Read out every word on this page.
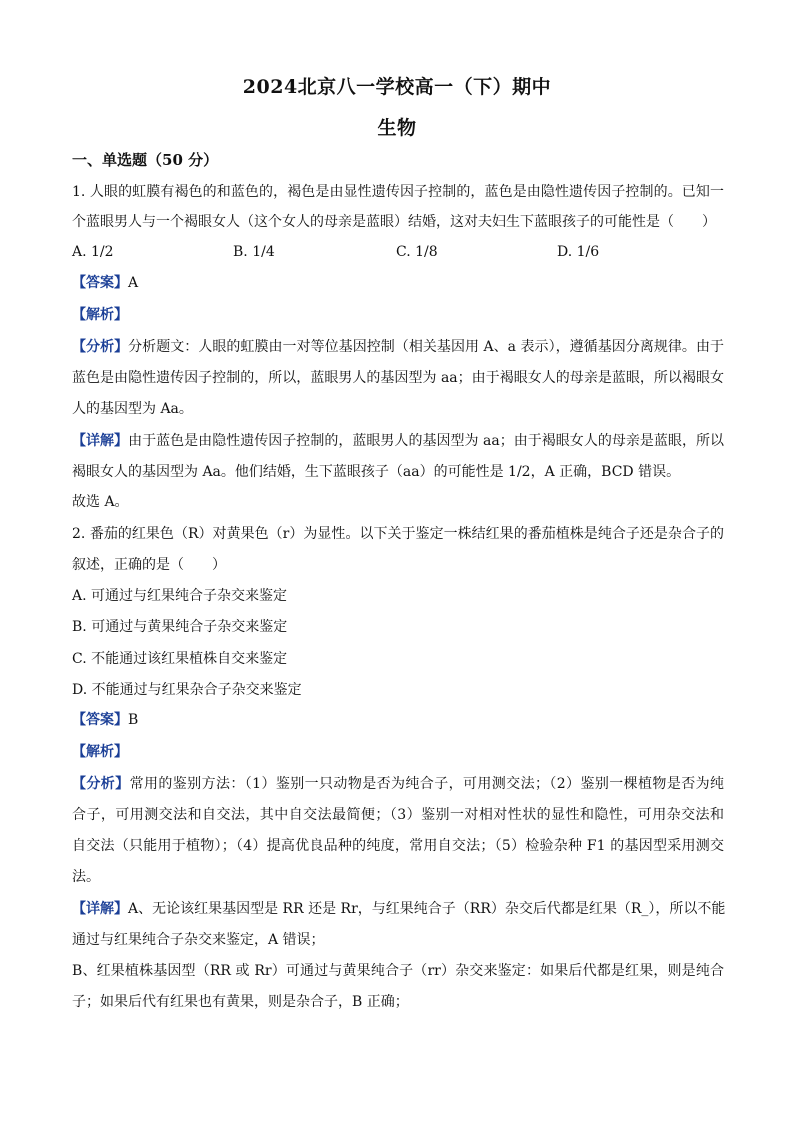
2024北京八一学校高一（下）期中
生物
一、单选题（50 分）
1. 人眼的虹膜有褐色的和蓝色的，褐色是由显性遗传因子控制的，蓝色是由隐性遗传因子控制的。已知一
个蓝眼男人与一个褐眼女人（这个女人的母亲是蓝眼）结婚，这对夫妇生下蓝眼孩子的可能性是（　　）
A. 1/2	B. 1/4	C. 1/8	D. 1/6
【答案】A
【解析】
【分析】分析题文：人眼的虹膜由一对等位基因控制（相关基因用 A、a 表示），遵循基因分离规律。由于
蓝色是由隐性遗传因子控制的，所以，蓝眼男人的基因型为 aa；由于褐眼女人的母亲是蓝眼，所以褐眼女
人的基因型为 Aa。
【详解】由于蓝色是由隐性遗传因子控制的，蓝眼男人的基因型为 aa；由于褐眼女人的母亲是蓝眼，所以
褐眼女人的基因型为 Aa。他们结婚，生下蓝眼孩子（aa）的可能性是 1/2，A 正确，BCD 错误。
故选 A。
2. 番茄的红果色（R）对黄果色（r）为显性。以下关于鉴定一株结红果的番茄植株是纯合子还是杂合子的
叙述，正确的是（　　）
A. 可通过与红果纯合子杂交来鉴定
B. 可通过与黄果纯合子杂交来鉴定
C. 不能通过该红果植株自交来鉴定
D. 不能通过与红果杂合子杂交来鉴定
【答案】B
【解析】
【分析】常用的鉴别方法：（1）鉴别一只动物是否为纯合子，可用测交法；（2）鉴别一棵植物是否为纯
合子，可用测交法和自交法，其中自交法最简便；（3）鉴别一对相对性状的显性和隐性，可用杂交法和
自交法（只能用于植物）；（4）提高优良品种的纯度，常用自交法；（5）检验杂种 F1 的基因型采用测交
法。
【详解】A、无论该红果基因型是 RR 还是 Rr，与红果纯合子（RR）杂交后代都是红果（R_），所以不能
通过与红果纯合子杂交来鉴定，A 错误；
B、红果植株基因型（RR 或 Rr）可通过与黄果纯合子（rr）杂交来鉴定：如果后代都是红果，则是纯合
子；如果后代有红果也有黄果，则是杂合子，B 正确；
